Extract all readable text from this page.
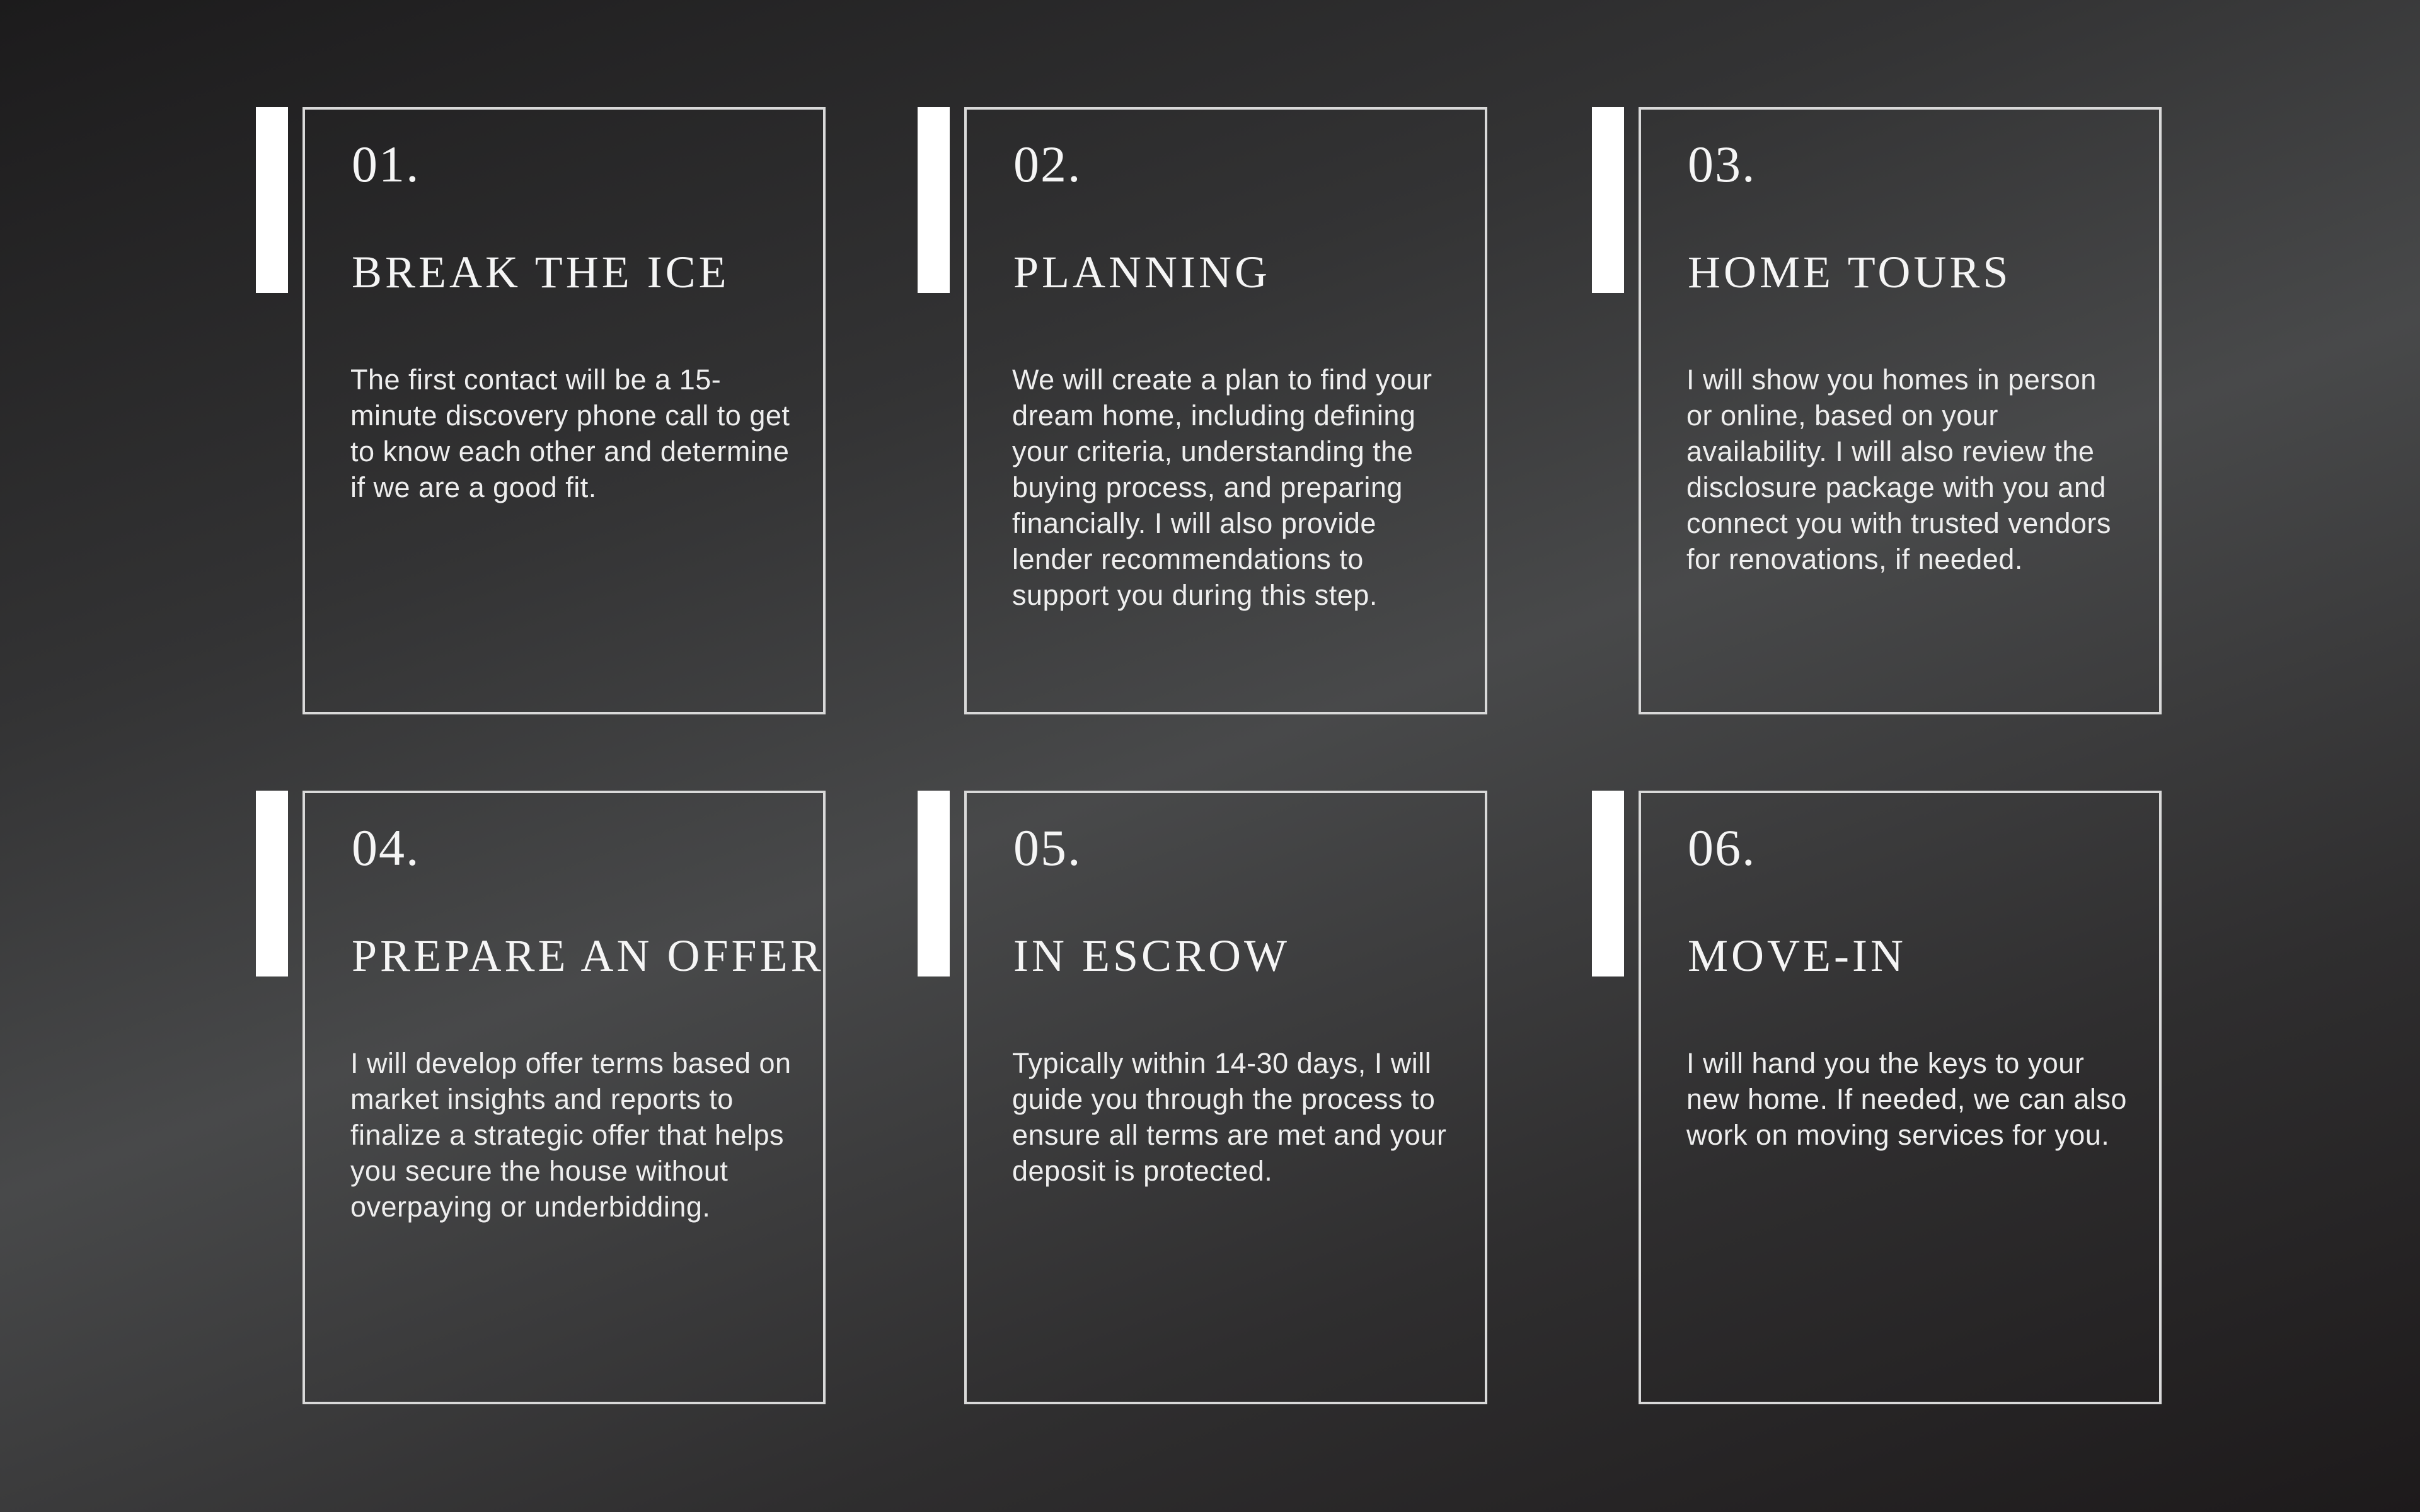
01.
BREAK THE ICE
The first contact will be a 15-minute discovery phone call to get to know each other and determine if we are a good fit.
02.
PLANNING
We will create a plan to find your dream home, including defining your criteria, understanding the buying process, and preparing financially. I will also provide lender recommendations to support you during this step.
03.
HOME TOURS
I will show you homes in person or online, based on your availability. I will also review the disclosure package with you and connect you with trusted vendors for renovations, if needed.
04.
PREPARE AN OFFER
I will develop offer terms based on market insights and reports to finalize a strategic offer that helps you secure the house without overpaying or underbidding.
05.
IN ESCROW
Typically within 14-30 days, I will guide you through the process to ensure all terms are met and your deposit is protected.
06.
MOVE-IN
I will hand you the keys to your new home. If needed, we can also work on moving services for you.
